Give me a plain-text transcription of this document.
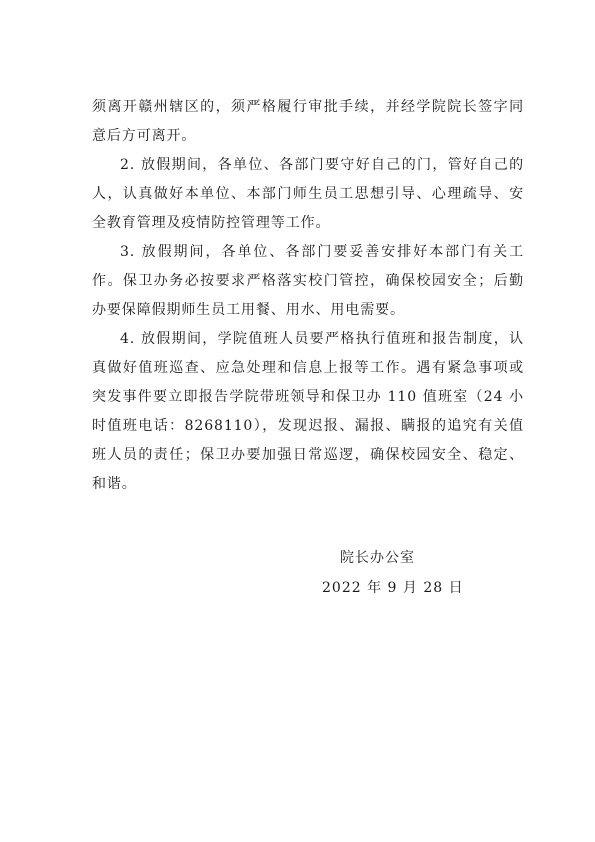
须离开赣州辖区的，须严格履行审批手续，并经学院院长签字同意后方可离开。

2. 放假期间，各单位、各部门要守好自己的门，管好自己的人，认真做好本单位、本部门师生员工思想引导、心理疏导、安全教育管理及疫情防控管理等工作。

3. 放假期间，各单位、各部门要妥善安排好本部门有关工作。保卫办务必按要求严格落实校门管控，确保校园安全；后勤办要保障假期师生员工用餐、用水、用电需要。

4. 放假期间，学院值班人员要严格执行值班和报告制度，认真做好值班巡查、应急处理和信息上报等工作。遇有紧急事项或突发事件要立即报告学院带班领导和保卫办 110 值班室（24 小时值班电话：8268110），发现迟报、漏报、瞒报的追究有关值班人员的责任；保卫办要加强日常巡逻，确保校园安全、稳定、和谐。

院长办公室
2022 年 9 月 28 日
